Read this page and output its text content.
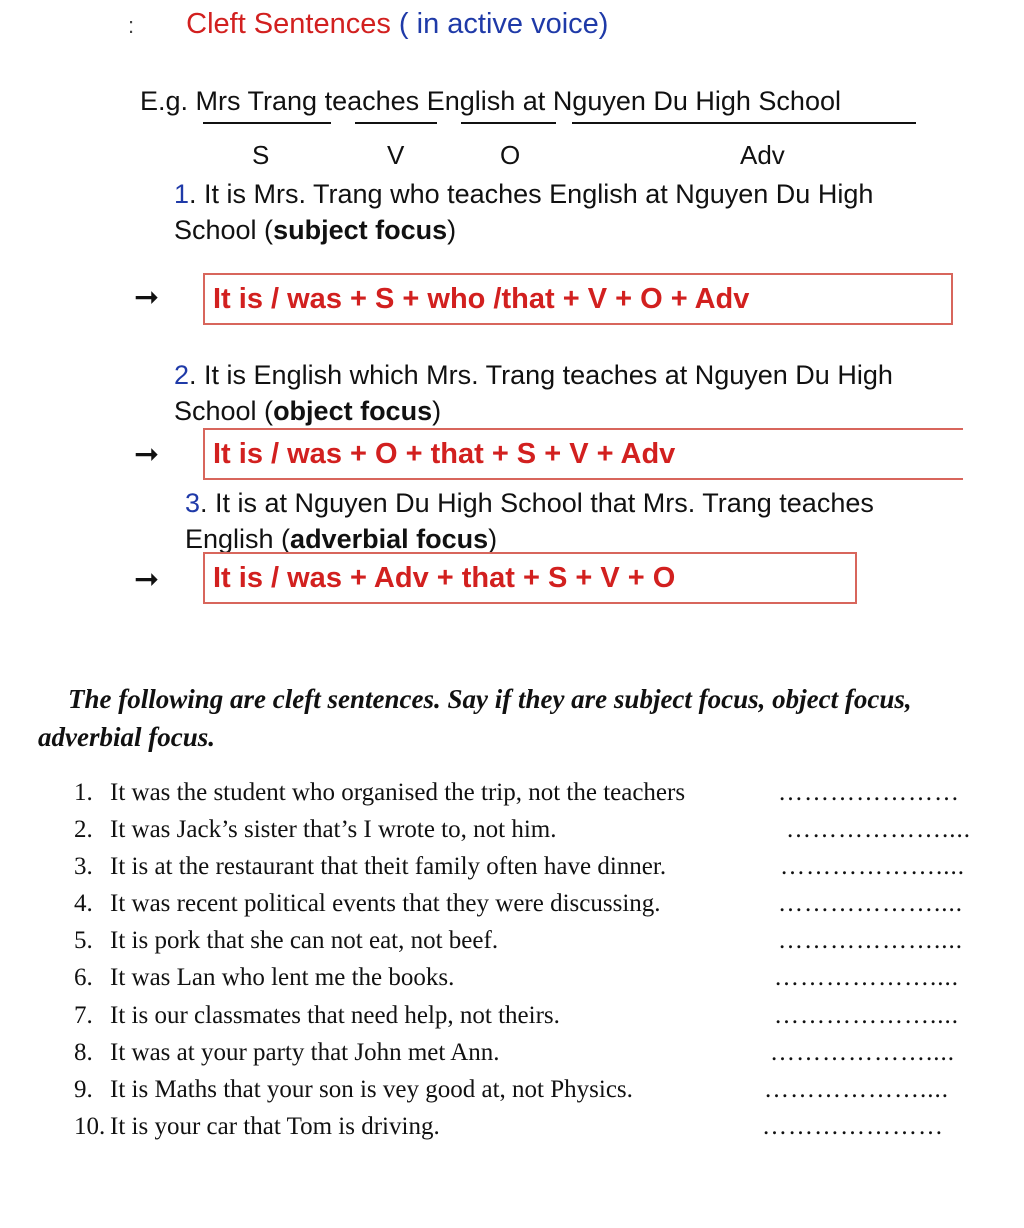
: Cleft Sentences ( in active voice)
E.g. Mrs Trang teaches English at Nguyen Du High School
S	V	O	Adv
1. It is Mrs. Trang who teaches English at Nguyen Du High
School (subject focus)
➞ It is / was + S + who /that + V + O + Adv
2. It is English which Mrs. Trang teaches at Nguyen Du High
School (object focus)
➞ It is / was + O + that + S + V + Adv
3. It is at Nguyen Du High School that Mrs. Trang teaches
English (adverbial focus)
➞ It is / was + Adv + that + S + V + O
The following are cleft sentences. Say if they are subject focus, object focus,
adverbial focus.
1. It was the student who organised the trip, not the teachers	…………………
2. It was Jack’s sister that’s I wrote to, not him.	………………....
3. It is at the restaurant that theit family often have dinner.	………………....
4. It was recent political events that they were discussing.	………………....
5. It is pork that she can not eat, not beef.	………………....
6. It was Lan who lent me the books.	………………....
7. It is our classmates that need help, not theirs.	………………....
8. It was at your party that John met Ann.	………………....
9. It is Maths that your son is vey good at, not Physics.	………………....
10. It is your car that Tom is driving.	…………………
